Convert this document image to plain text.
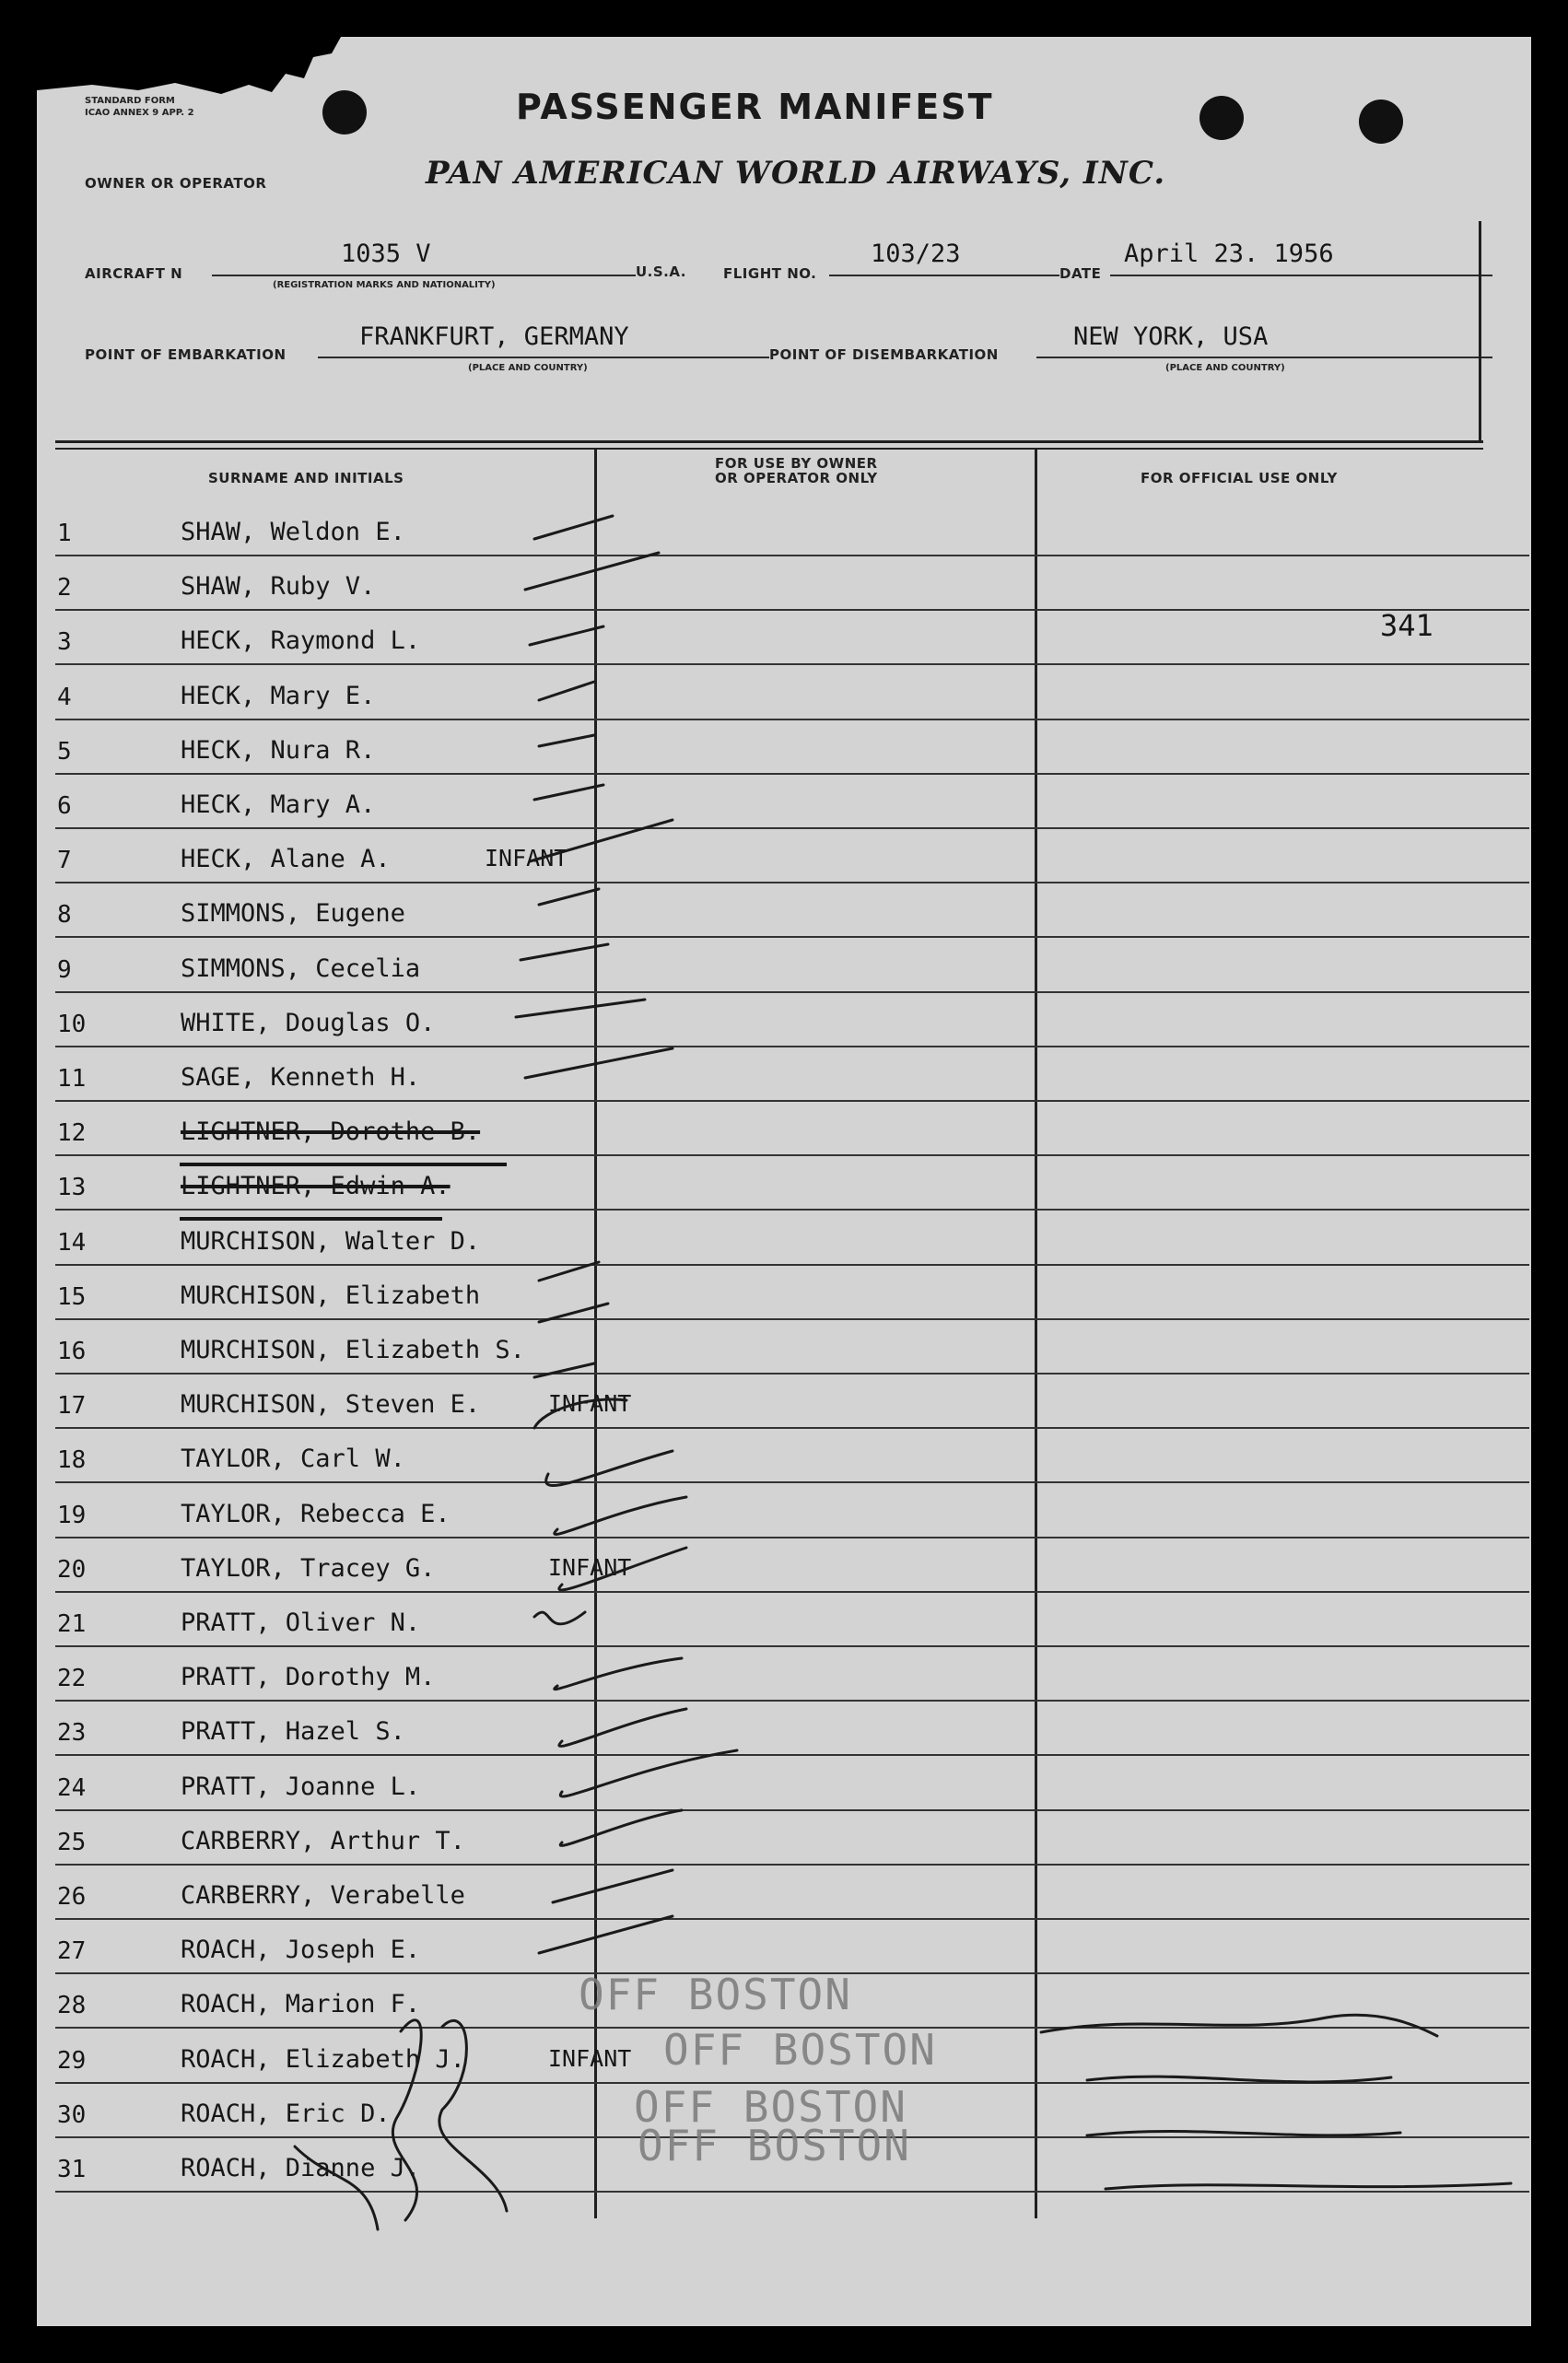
STANDARD FORM
ICAO ANNEX 9 APP. 2	PASSENGER MANIFEST
PAN AMERICAN WORLD AIRWAYS, INC.
OWNER OR OPERATOR
AIRCRAFT N
1035 V
(REGISTRATION MARKS AND NATIONALITY)
U.S.A.	FLIGHT NO.
103/23
DATE
April 23. 1956
POINT OF EMBARKATION
FRANKFURT, GERMANY
(PLACE AND COUNTRY)
POINT OF DISEMBARKATION
NEW YORK, USA
(PLACE AND COUNTRY)
SURNAME AND INITIALS
FOR USE BY OWNER
OR OPERATOR ONLY	FOR OFFICIAL USE ONLY
1	SHAW, Weldon E.
2	SHAW, Ruby V.
3	HECK, Raymond L.
4	HECK, Mary E.
5	HECK, Nura R.
6	HECK, Mary A.
7	HECK, Alane A.	INFANT
8	SIMMONS, Eugene
9	SIMMONS, Cecelia
10	WHITE, Douglas O.
11	SAGE, Kenneth H.
12	LIGHTNER, Dorothe B.
13	LIGHTNER, Edwin A.
14	MURCHISON, Walter D.
15	MURCHISON, Elizabeth
16	MURCHISON, Elizabeth S.
17	MURCHISON, Steven E.	INFANT
18	TAYLOR, Carl W.
19	TAYLOR, Rebecca E.
20	TAYLOR, Tracey G.	INFANT
21	PRATT, Oliver N.
22	PRATT, Dorothy M.
23	PRATT, Hazel S.
24	PRATT, Joanne L.
25	CARBERRY, Arthur T.
26	CARBERRY, Verabelle
27	ROACH, Joseph E.
28	ROACH, Marion F.
29	ROACH, Elizabeth J.	INFANT
30	ROACH, Eric D.
31	ROACH, Dianne J.
341
OFF BOSTON
OFF BOSTON
OFF BOSTON
OFF BOSTON
